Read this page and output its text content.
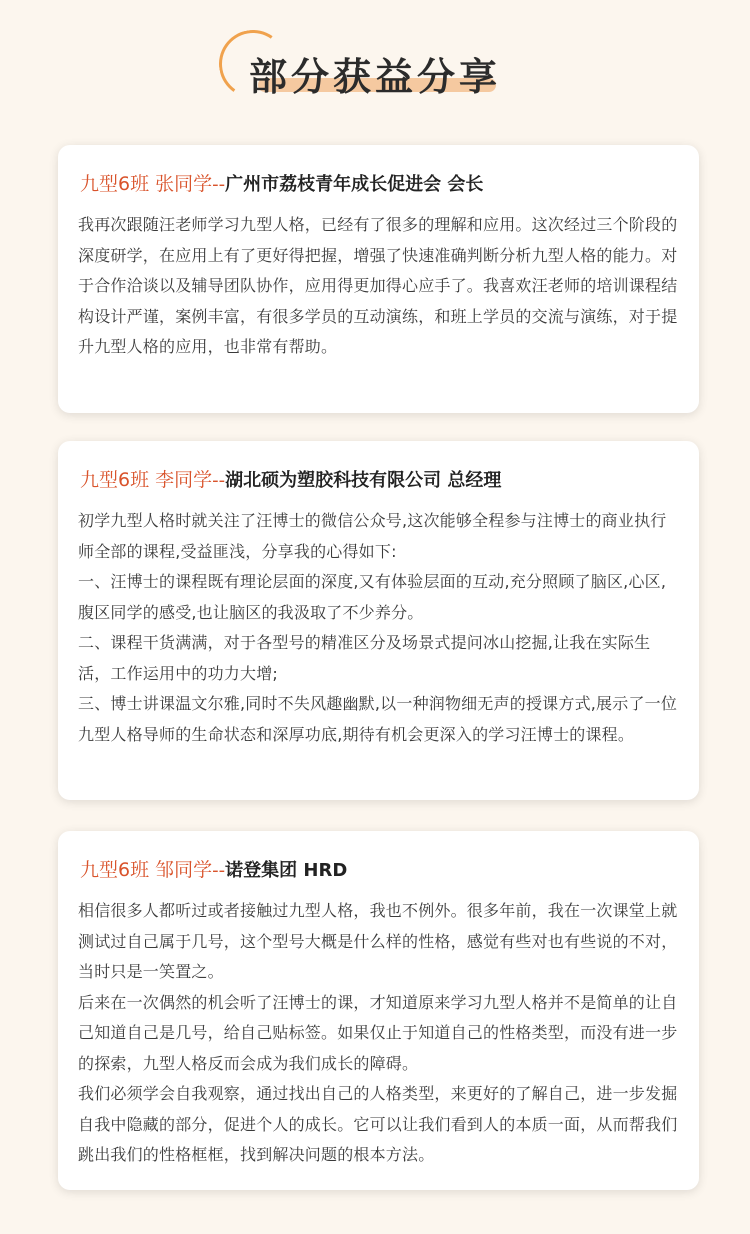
部分获益分享
九型6班 张同学--广州市荔枝青年成长促进会 会长

我再次跟随汪老师学习九型人格，已经有了很多的理解和应用。这次经过三个阶段的深度研学，在应用上有了更好得把握，增强了快速准确判断分析九型人格的能力。对于合作洽谈以及辅导团队协作，应用得更加得心应手了。我喜欢汪老师的培训课程结构设计严谨，案例丰富，有很多学员的互动演练，和班上学员的交流与演练，对于提升九型人格的应用，也非常有帮助。

九型6班 李同学--湖北硕为塑胶科技有限公司 总经理

初学九型人格时就关注了汪博士的微信公众号,这次能够全程参与注博士的商业执行师全部的课程,受益匪浅，分享我的心得如下:

一、汪博士的课程既有理论层面的深度,又有体验层面的互动,充分照顾了脑区,心区,腹区同学的感受,也让脑区的我汲取了不少养分。

二、课程干货满满，对于各型号的精准区分及场景式提问冰山挖掘,让我在实际生活，工作运用中的功力大增;

三、博士讲课温文尔雅,同时不失风趣幽默,以一种润物细无声的授课方式,展示了一位九型人格导师的生命状态和深厚功底,期待有机会更深入的学习汪博士的课程。

九型6班 邹同学--诺登集团 HRD

相信很多人都听过或者接触过九型人格，我也不例外。很多年前，我在一次课堂上就测试过自己属于几号，这个型号大概是什么样的性格，感觉有些对也有些说的不对，当时只是一笑置之。

后来在一次偶然的机会听了汪博士的课，才知道原来学习九型人格并不是简单的让自己知道自己是几号，给自己贴标签。如果仅止于知道自己的性格类型，而没有进一步的探索，九型人格反而会成为我们成长的障碍。

我们必须学会自我观察，通过找出自己的人格类型，来更好的了解自己，进一步发掘自我中隐藏的部分，促进个人的成长。它可以让我们看到人的本质一面，从而帮我们跳出我们的性格框框，找到解决问题的根本方法。
